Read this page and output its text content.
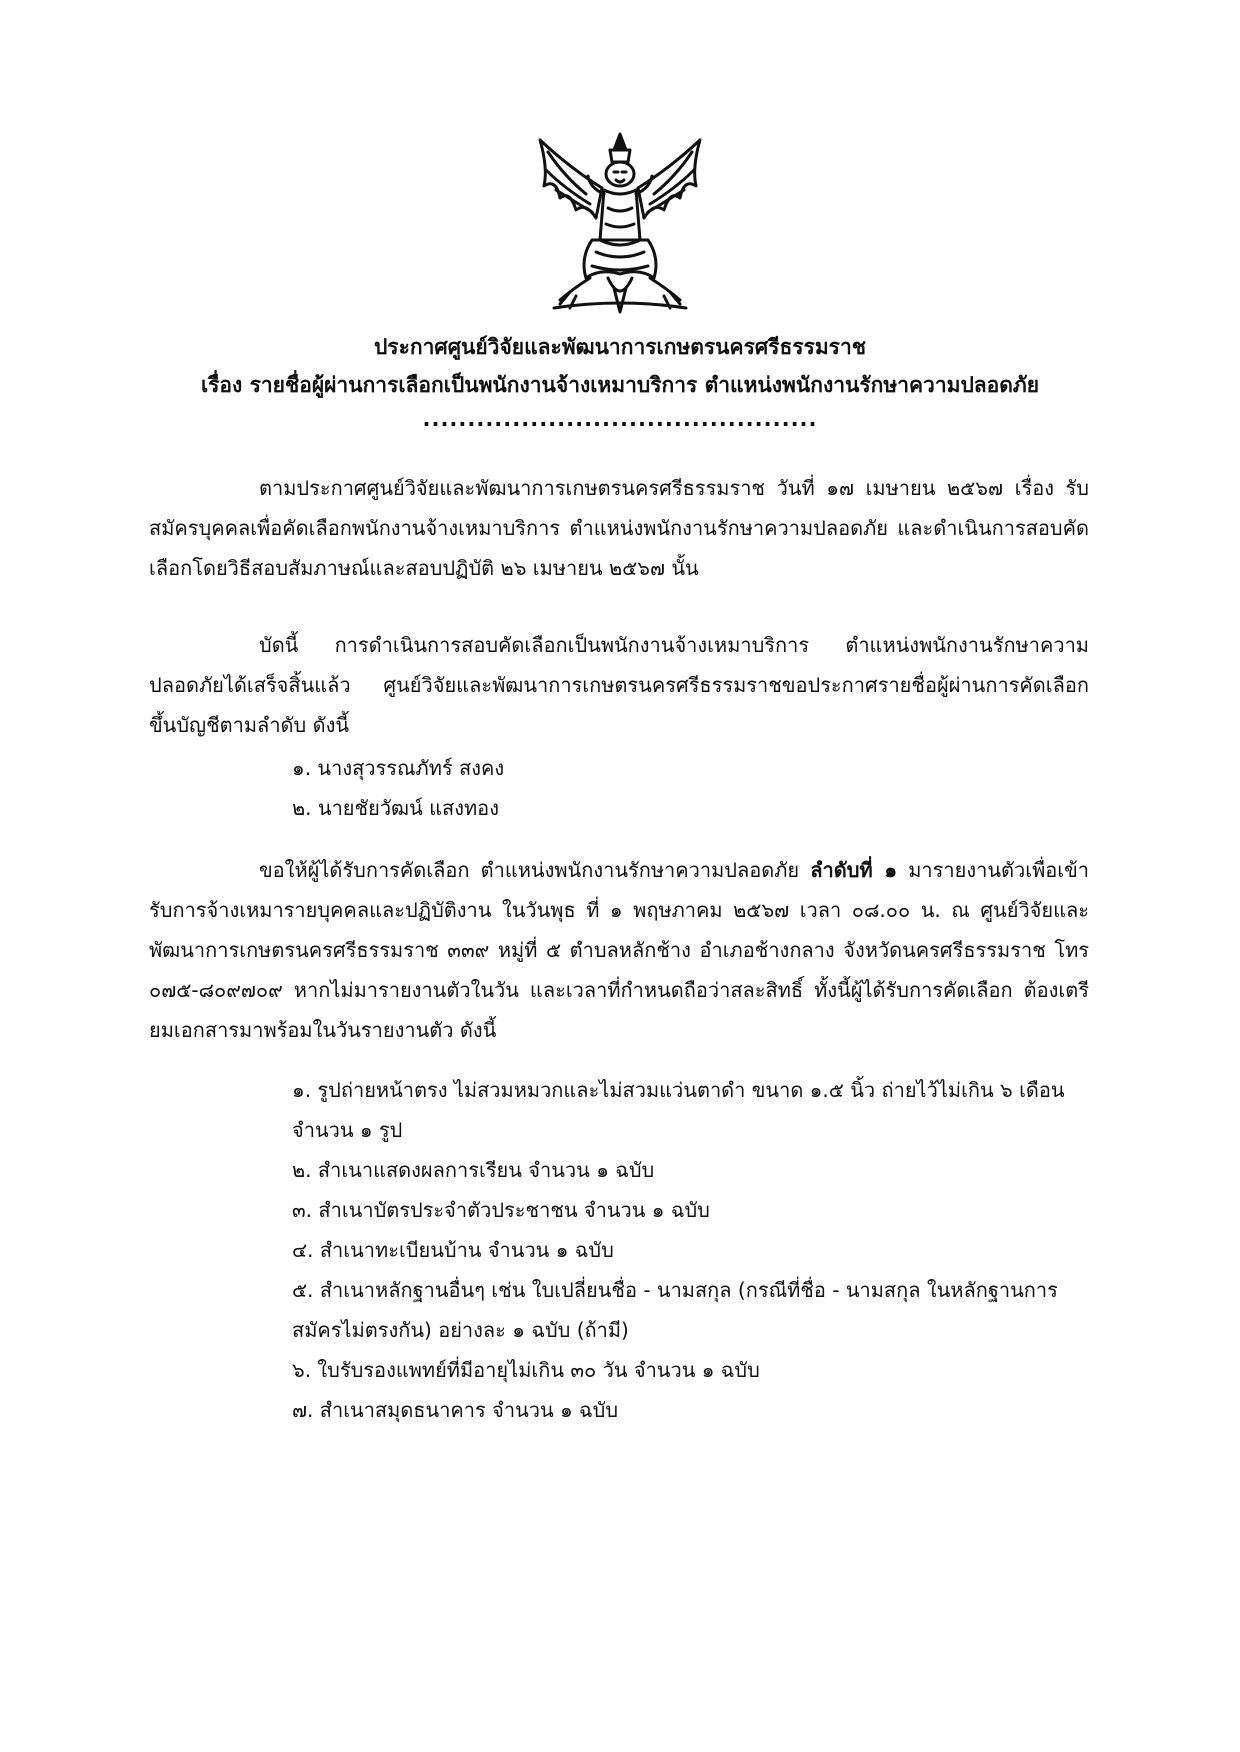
ประกาศศูนย์วิจัยและพัฒนาการเกษตรนครศรีธรรมราช
เรื่อง รายชื่อผู้ผ่านการเลือกเป็นพนักงานจ้างเหมาบริการ ตำแหน่งพนักงานรักษาความปลอดภัย
............................................

ตามประกาศศูนย์วิจัยและพัฒนาการเกษตรนครศรีธรรมราช วันที่ ๑๗ เมษายน ๒๕๖๗ เรื่อง รับสมัครบุคคลเพื่อคัดเลือกพนักงานจ้างเหมาบริการ ตำแหน่งพนักงานรักษาความปลอดภัย และดำเนินการสอบคัดเลือกโดยวิธีสอบสัมภาษณ์และสอบปฏิบัติ ๒๖ เมษายน ๒๕๖๗ นั้น

บัดนี้ การดำเนินการสอบคัดเลือกเป็นพนักงานจ้างเหมาบริการ ตำแหน่งพนักงานรักษาความปลอดภัยได้เสร็จสิ้นแล้ว ศูนย์วิจัยและพัฒนาการเกษตรนครศรีธรรมราชขอประกาศรายชื่อผู้ผ่านการคัดเลือกขึ้นบัญชีตามลำดับ ดังนี้

๑. นางสุวรรณภัทร์ สงคง
๒. นายชัยวัฒน์ แสงทอง

ขอให้ผู้ได้รับการคัดเลือก ตำแหน่งพนักงานรักษาความปลอดภัย ลำดับที่ ๑ มารายงานตัวเพื่อเข้ารับการจ้างเหมารายบุคคลและปฏิบัติงาน ในวันพุธ ที่ ๑ พฤษภาคม ๒๕๖๗ เวลา ๐๘.๐๐ น. ณ ศูนย์วิจัยและพัฒนาการเกษตรนครศรีธรรมราช ๓๓๙ หมู่ที่ ๕ ตำบลหลักช้าง อำเภอช้างกลาง จังหวัดนครศรีธรรมราช โทร ๐๗๕-๘๐๙๗๐๙ หากไม่มารายงานตัวในวัน และเวลาที่กำหนดถือว่าสละสิทธิ์ ทั้งนี้ผู้ได้รับการคัดเลือก ต้องเตรียมเอกสารมาพร้อมในวันรายงานตัว ดังนี้

๑. รูปถ่ายหน้าตรง ไม่สวมหมวกและไม่สวมแว่นตาดำ ขนาด ๑.๕ นิ้ว ถ่ายไว้ไม่เกิน ๖ เดือน จำนวน ๑ รูป
๒. สำเนาแสดงผลการเรียน จำนวน ๑ ฉบับ
๓. สำเนาบัตรประจำตัวประชาชน จำนวน ๑ ฉบับ
๔. สำเนาทะเบียนบ้าน จำนวน ๑ ฉบับ
๕. สำเนาหลักฐานอื่นๆ เช่น ใบเปลี่ยนชื่อ - นามสกุล (กรณีที่ชื่อ - นามสกุล ในหลักฐานการสมัครไม่ตรงกัน) อย่างละ ๑ ฉบับ (ถ้ามี)
๖. ใบรับรองแพทย์ที่มีอายุไม่เกิน ๓๐ วัน จำนวน ๑ ฉบับ
๗. สำเนาสมุดธนาคาร จำนวน ๑ ฉบับ
